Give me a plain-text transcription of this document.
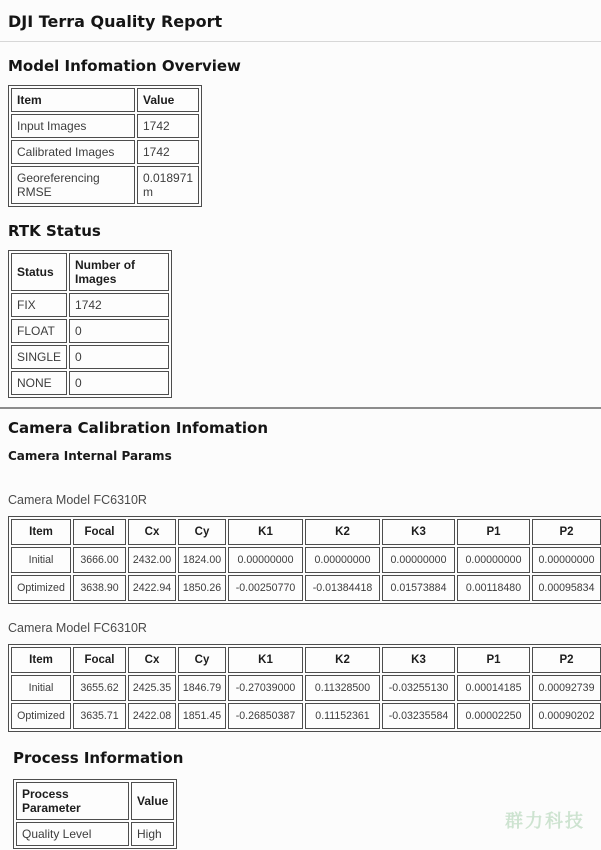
DJI Terra Quality Report
Model Infomation Overview
Item	Value
Input Images	1742
Calibrated Images	1742
Georeferencing RMSE	0.018971 m
RTK Status
Status	Number of Images
FIX	1742
FLOAT	0
SINGLE	0
NONE	0
Camera Calibration Infomation
Camera Internal Params
Camera Model FC6310R
Item	Focal	Cx	Cy	K1	K2	K3	P1	P2
Initial	3666.00	2432.00	1824.00	0.00000000	0.00000000	0.00000000	0.00000000	0.00000000
Optimized	3638.90	2422.94	1850.26	-0.00250770	-0.01384418	0.01573884	0.00118480	0.00095834
Camera Model FC6310R
Item	Focal	Cx	Cy	K1	K2	K3	P1	P2
Initial	3655.62	2425.35	1846.79	-0.27039000	0.11328500	-0.03255130	0.00014185	0.00092739
Optimized	3635.71	2422.08	1851.45	-0.26850387	0.11152361	-0.03235584	0.00002250	0.00090202
Process Information
Process Parameter	Value
Quality Level	High
群力科技
